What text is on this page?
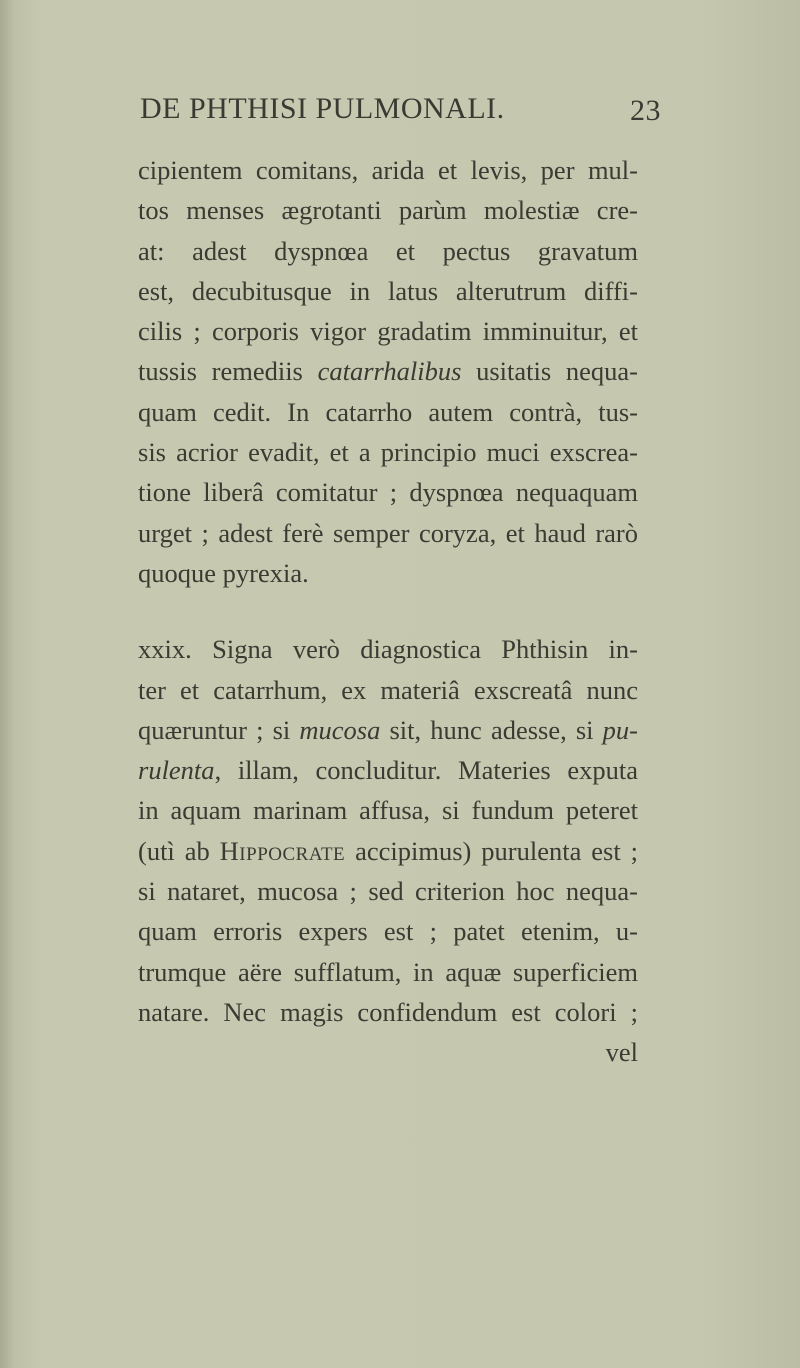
DE PHTHISI PULMONALI.	23
cipientem comitans, arida et levis, per mul-
tos menses ægrotanti parùm molestiæ cre-
at: adest dyspnœa et pectus gravatum
est, decubitusque in latus alterutrum diffi-
cilis ; corporis vigor gradatim imminuitur, et
tussis remediis catarrhalibus usitatis nequa-
quam cedit. In catarrho autem contrà, tus-
sis acrior evadit, et a principio muci exscrea-
tione liberâ comitatur ; dyspnœa nequaquam
urget ; adest ferè semper coryza, et haud rarò
quoque pyrexia.
xxix. Signa verò diagnostica Phthisin in-
ter et catarrhum, ex materiâ exscreatâ nunc
quæruntur ; si mucosa sit, hunc adesse, si pu-
rulenta, illam, concluditur. Materies exputa
in aquam marinam affusa, si fundum peteret
(utì ab Hippocrate accipimus) purulenta est ;
si nataret, mucosa ; sed criterion hoc nequa-
quam erroris expers est ; patet etenim, u-
trumque aëre sufflatum, in aquæ superficiem
natare. Nec magis confidendum est colori ;
vel
